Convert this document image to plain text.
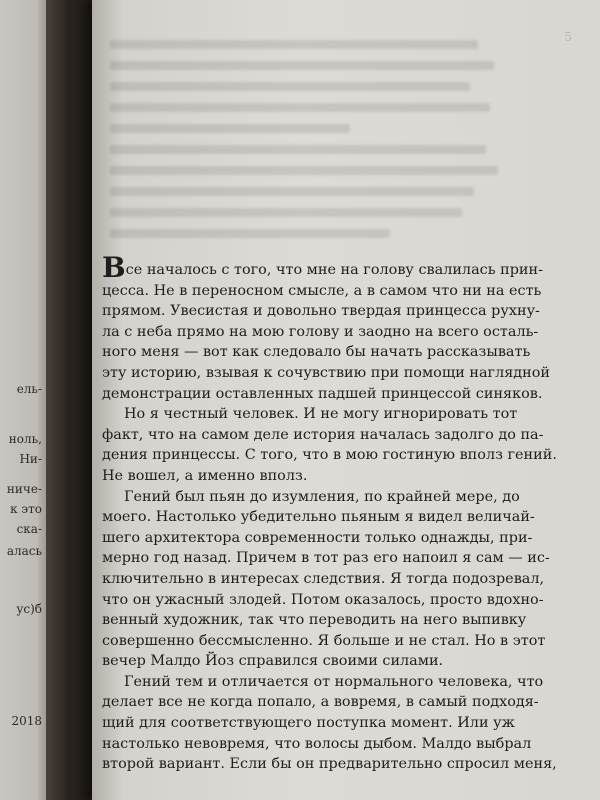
ель-
ноль,
Ни-
ниче-
к это
ска-
алась
ус)б
2018
5
Все началось с того, что мне на голову свалилась прин-
цесса. Не в переносном смысле, а в самом что ни на есть
прямом. Увесистая и довольно твердая принцесса рухну-
ла с неба прямо на мою голову и заодно на всего осталь-
ного меня — вот как следовало бы начать рассказывать
эту историю, взывая к сочувствию при помощи наглядной
демонстрации оставленных падшей принцессой синяков.
Но я честный человек. И не могу игнорировать тот
факт, что на самом деле история началась задолго до па-
дения принцессы. С того, что в мою гостиную вполз гений.
Не вошел, а именно вполз.
Гений был пьян до изумления, по крайней мере, до
моего. Настолько убедительно пьяным я видел величай-
шего архитектора современности только однажды, при-
мерно год назад. Причем в тот раз его напоил я сам — ис-
ключительно в интересах следствия. Я тогда подозревал,
что он ужасный злодей. Потом оказалось, просто вдохно-
венный художник, так что переводить на него выпивку
совершенно бессмысленно. Я больше и не стал. Но в этот
вечер Малдо Йоз справился своими силами.
Гений тем и отличается от нормального человека, что
делает все не когда попало, а вовремя, в самый подходя-
щий для соответствующего поступка момент. Или уж
настолько невовремя, что волосы дыбом. Малдо выбрал
второй вариант. Если бы он предварительно спросил меня,
